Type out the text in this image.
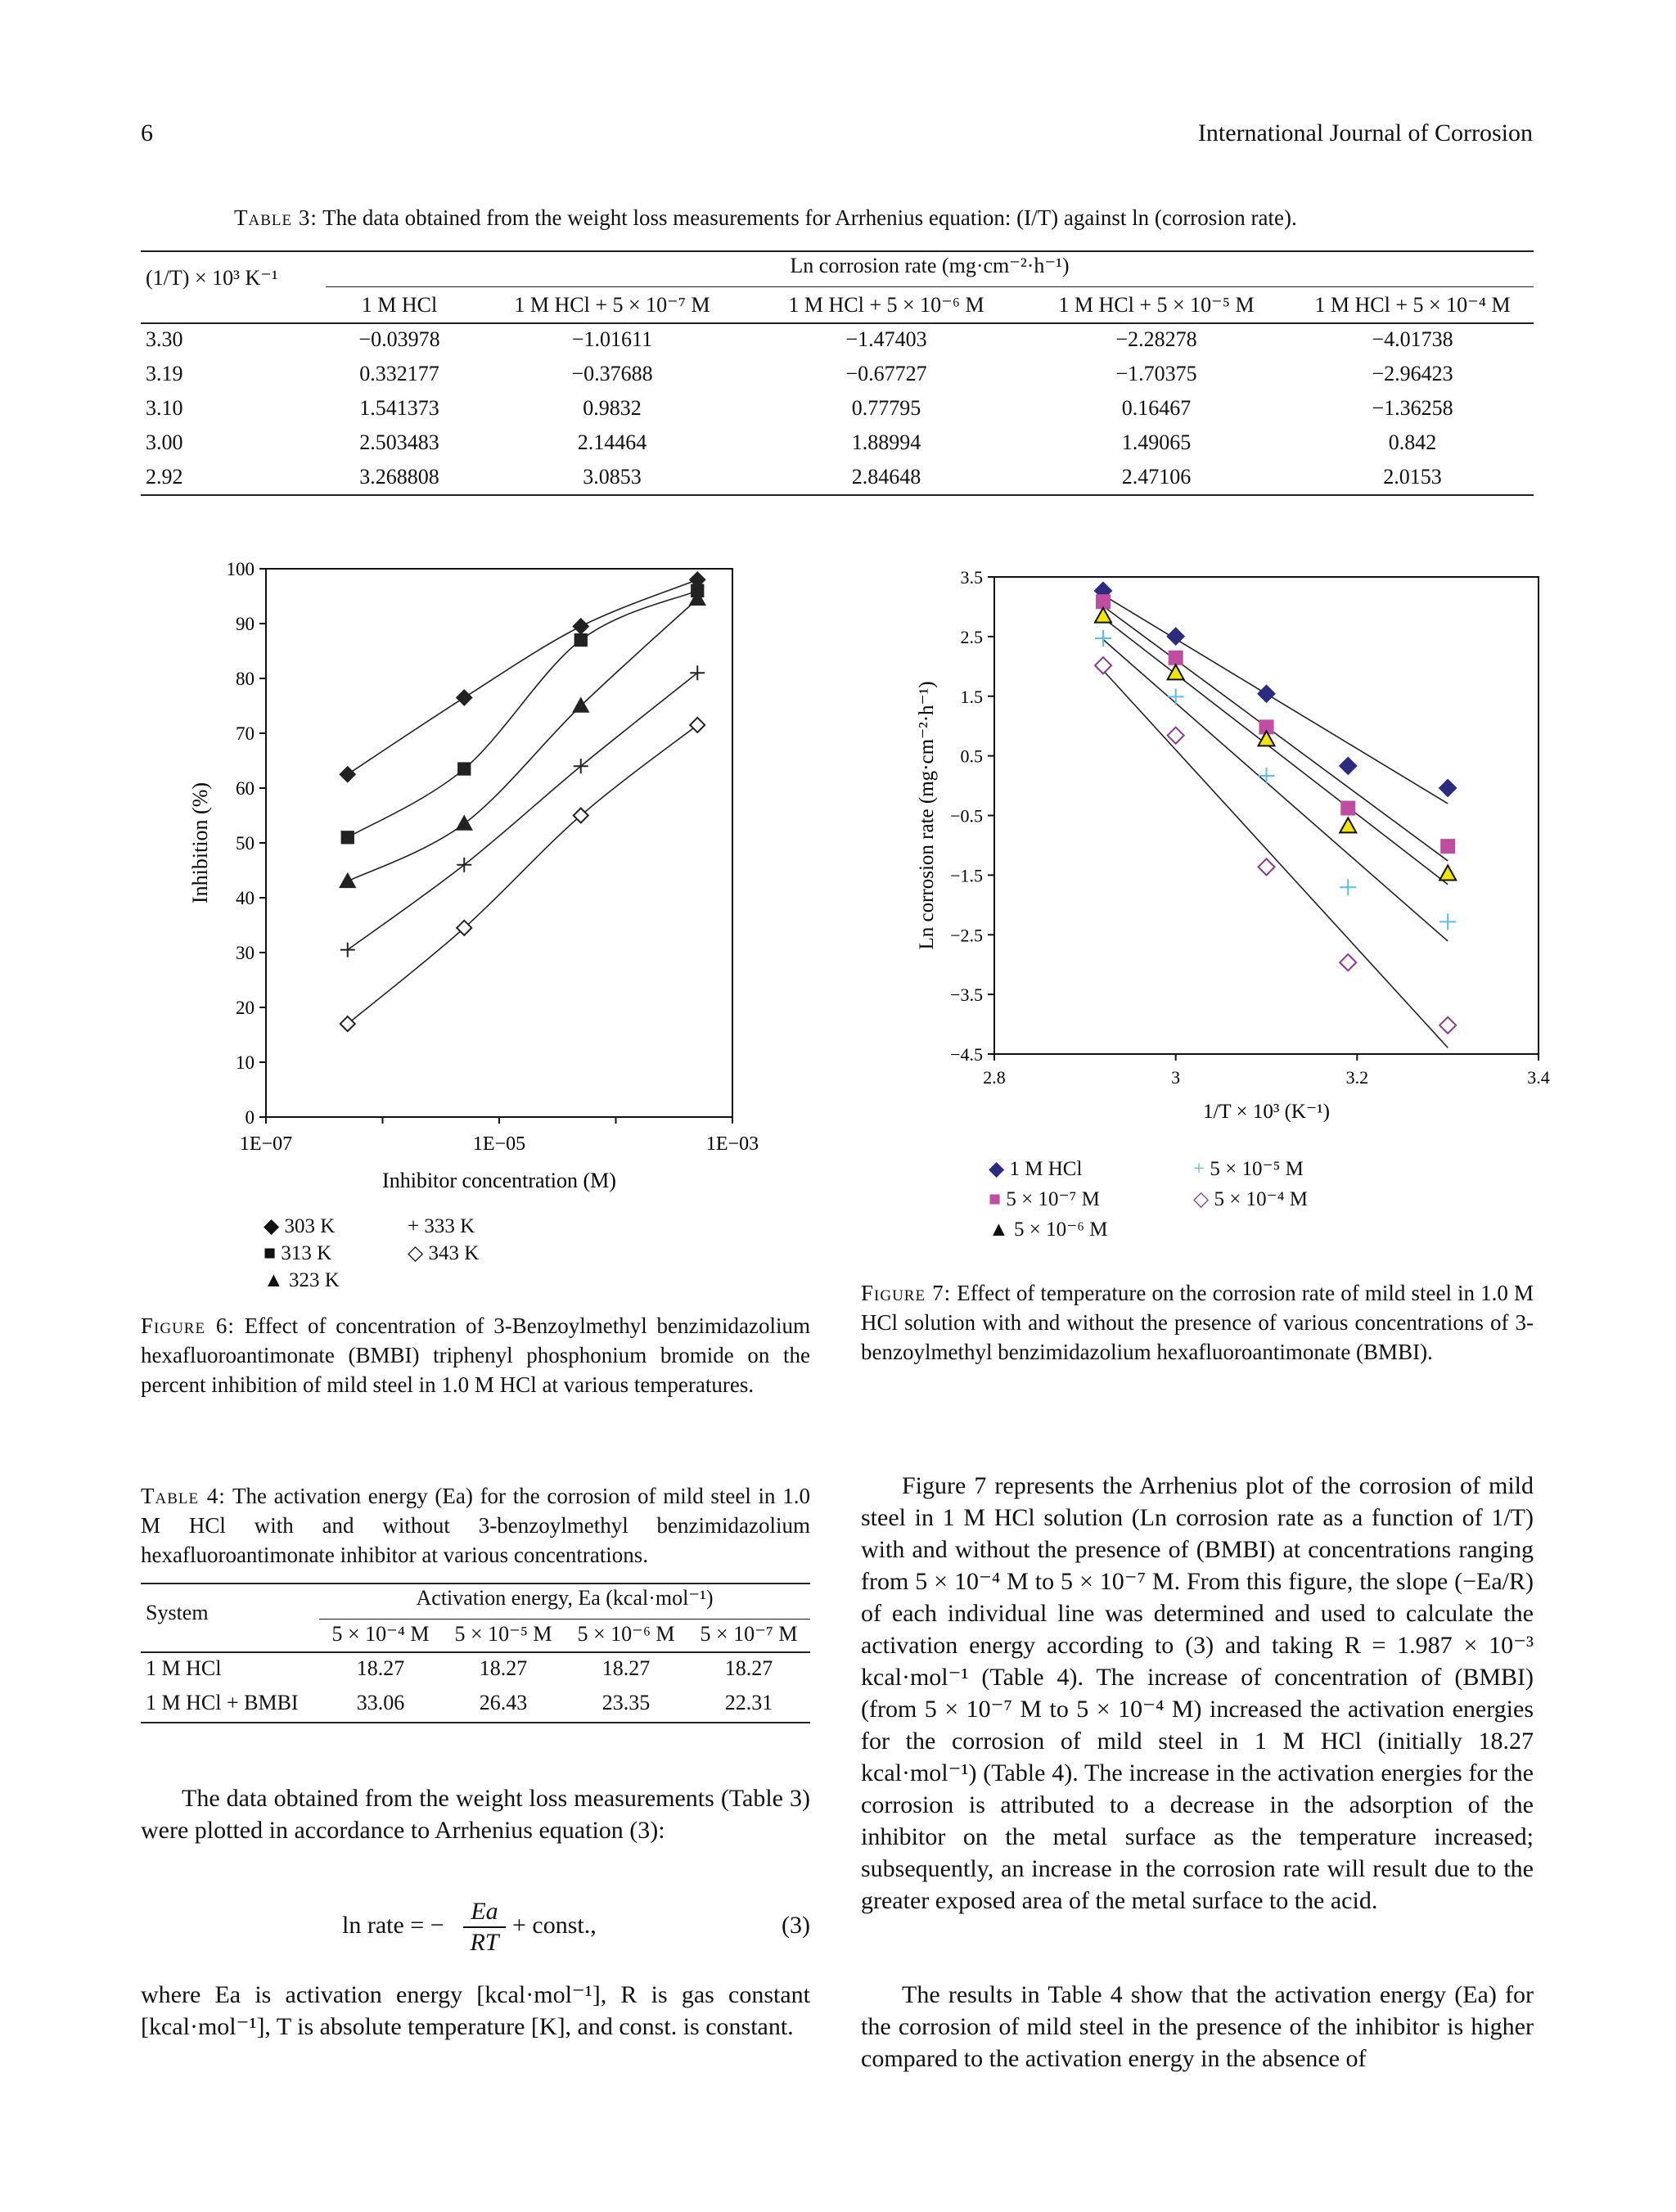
6	International Journal of Corrosion
Table 3: The data obtained from the weight loss measurements for Arrhenius equation: (I/T) against ln (corrosion rate).
(1/T) × 10³ K⁻¹
Ln corrosion rate (mg·cm⁻²·h⁻¹)
	1 M HCl	1 M HCl + 5 × 10⁻⁷ M	1 M HCl + 5 × 10⁻⁶ M	1 M HCl + 5 × 10⁻⁵ M	1 M HCl + 5 × 10⁻⁴ M
3.30	−0.03978	−1.01611	−1.47403	−2.28278	−4.01738
3.19	0.332177	−0.37688	−0.67727	−1.70375	−2.96423
3.10	1.541373	0.9832	0.77795	0.16467	−1.36258
3.00	2.503483	2.14464	1.88994	1.49065	0.842
2.92	3.268808	3.0853	2.84648	2.47106	2.0153
0
10
20
30
40
50
60
70
80
90
100
1E−07	1E−05	1E−03
Inhibitor concentration (M)
Inhibition (%)
◆ 303 K
■ 313 K
▲ 323 K
+ 333 K
◇ 343 K
Figure 6: Effect of concentration of 3-Benzoylmethyl benzimidazolium hexafluoroantimonate (BMBI) triphenyl phosphonium bromide on the percent inhibition of mild steel in 1.0 M HCl at various temperatures.
−4.5
−3.5
−2.5
−1.5
−0.5
0.5
1.5
2.5
3.5
2.8	3	3.2	3.4
1/T × 10³ (K⁻¹)
Ln corrosion rate (mg·cm⁻²·h⁻¹)
◆ 1 M HCl
■ 5 × 10⁻⁷ M
▲ 5 × 10⁻⁶ M
+ 5 × 10⁻⁵ M
◇ 5 × 10⁻⁴ M
Figure 7: Effect of temperature on the corrosion rate of mild steel in 1.0 M HCl solution with and without the presence of various concentrations of 3-benzoylmethyl benzimidazolium hexafluoroantimonate (BMBI).
Table 4: The activation energy (Ea) for the corrosion of mild steel in 1.0 M HCl with and without 3-benzoylmethyl benzimidazolium hexafluoroantimonate inhibitor at various concentrations.
System
Activation energy, Ea (kcal·mol⁻¹)
	5 × 10⁻⁴ M	5 × 10⁻⁵ M	5 × 10⁻⁶ M	5 × 10⁻⁷ M
1 M HCl	18.27	18.27	18.27	18.27
1 M HCl + BMBI	33.06	26.43	23.35	22.31
The data obtained from the weight loss measurements (Table 3) were plotted in accordance to Arrhenius equation (3):
ln rate = −
Ea
RT
+ const.,	(3)
where Ea is activation energy [kcal·mol⁻¹], R is gas constant [kcal·mol⁻¹], T is absolute temperature [K], and const. is constant.
Figure 7 represents the Arrhenius plot of the corrosion of mild steel in 1 M HCl solution (Ln corrosion rate as a function of 1/T) with and without the presence of (BMBI) at concentrations ranging from 5 × 10⁻⁴ M to 5 × 10⁻⁷ M. From this figure, the slope (−Ea/R) of each individual line was determined and used to calculate the activation energy according to (3) and taking R = 1.987 × 10⁻³ kcal·mol⁻¹ (Table 4). The increase of concentration of (BMBI) (from 5 × 10⁻⁷ M to 5 × 10⁻⁴ M) increased the activation energies for the corrosion of mild steel in 1 M HCl (initially 18.27 kcal·mol⁻¹) (Table 4). The increase in the activation energies for the corrosion is attributed to a decrease in the adsorption of the inhibitor on the metal surface as the temperature increased; subsequently, an increase in the corrosion rate will result due to the greater exposed area of the metal surface to the acid.
The results in Table 4 show that the activation energy (Ea) for the corrosion of mild steel in the presence of the inhibitor is higher compared to the activation energy in the absence of
